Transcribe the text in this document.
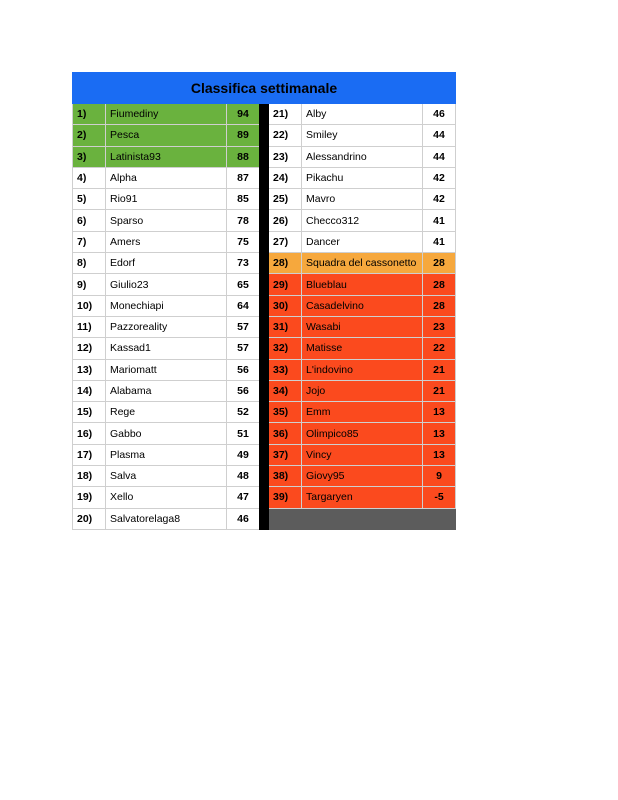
Classifica settimanale
1)	Fiumediny	94
2)	Pesca	89
3)	Latinista93	88
4)	Alpha	87
5)	Rio91	85
6)	Sparso	78
7)	Amers	75
8)	Edorf	73
9)	Giulio23	65
10)	Monechiapi	64
11)	Pazzoreality	57
12)	Kassad1	57
13)	Mariomatt	56
14)	Alabama	56
15)	Rege	52
16)	Gabbo	51
17)	Plasma	49
18)	Salva	48
19)	Xello	47
20)	Salvatorelaga8	46
21)	Alby	46
22)	Smiley	44
23)	Alessandrino	44
24)	Pikachu	42
25)	Mavro	42
26)	Checco312	41
27)	Dancer	41
28)	Squadra del cassonetto	28
29)	Blueblau	28
30)	Casadelvino	28
31)	Wasabi	23
32)	Matisse	22
33)	L'indovino	21
34)	Jojo	21
35)	Emm	13
36)	Olimpico85	13
37)	Vincy	13
38)	Giovy95	9
39)	Targaryen	-5
